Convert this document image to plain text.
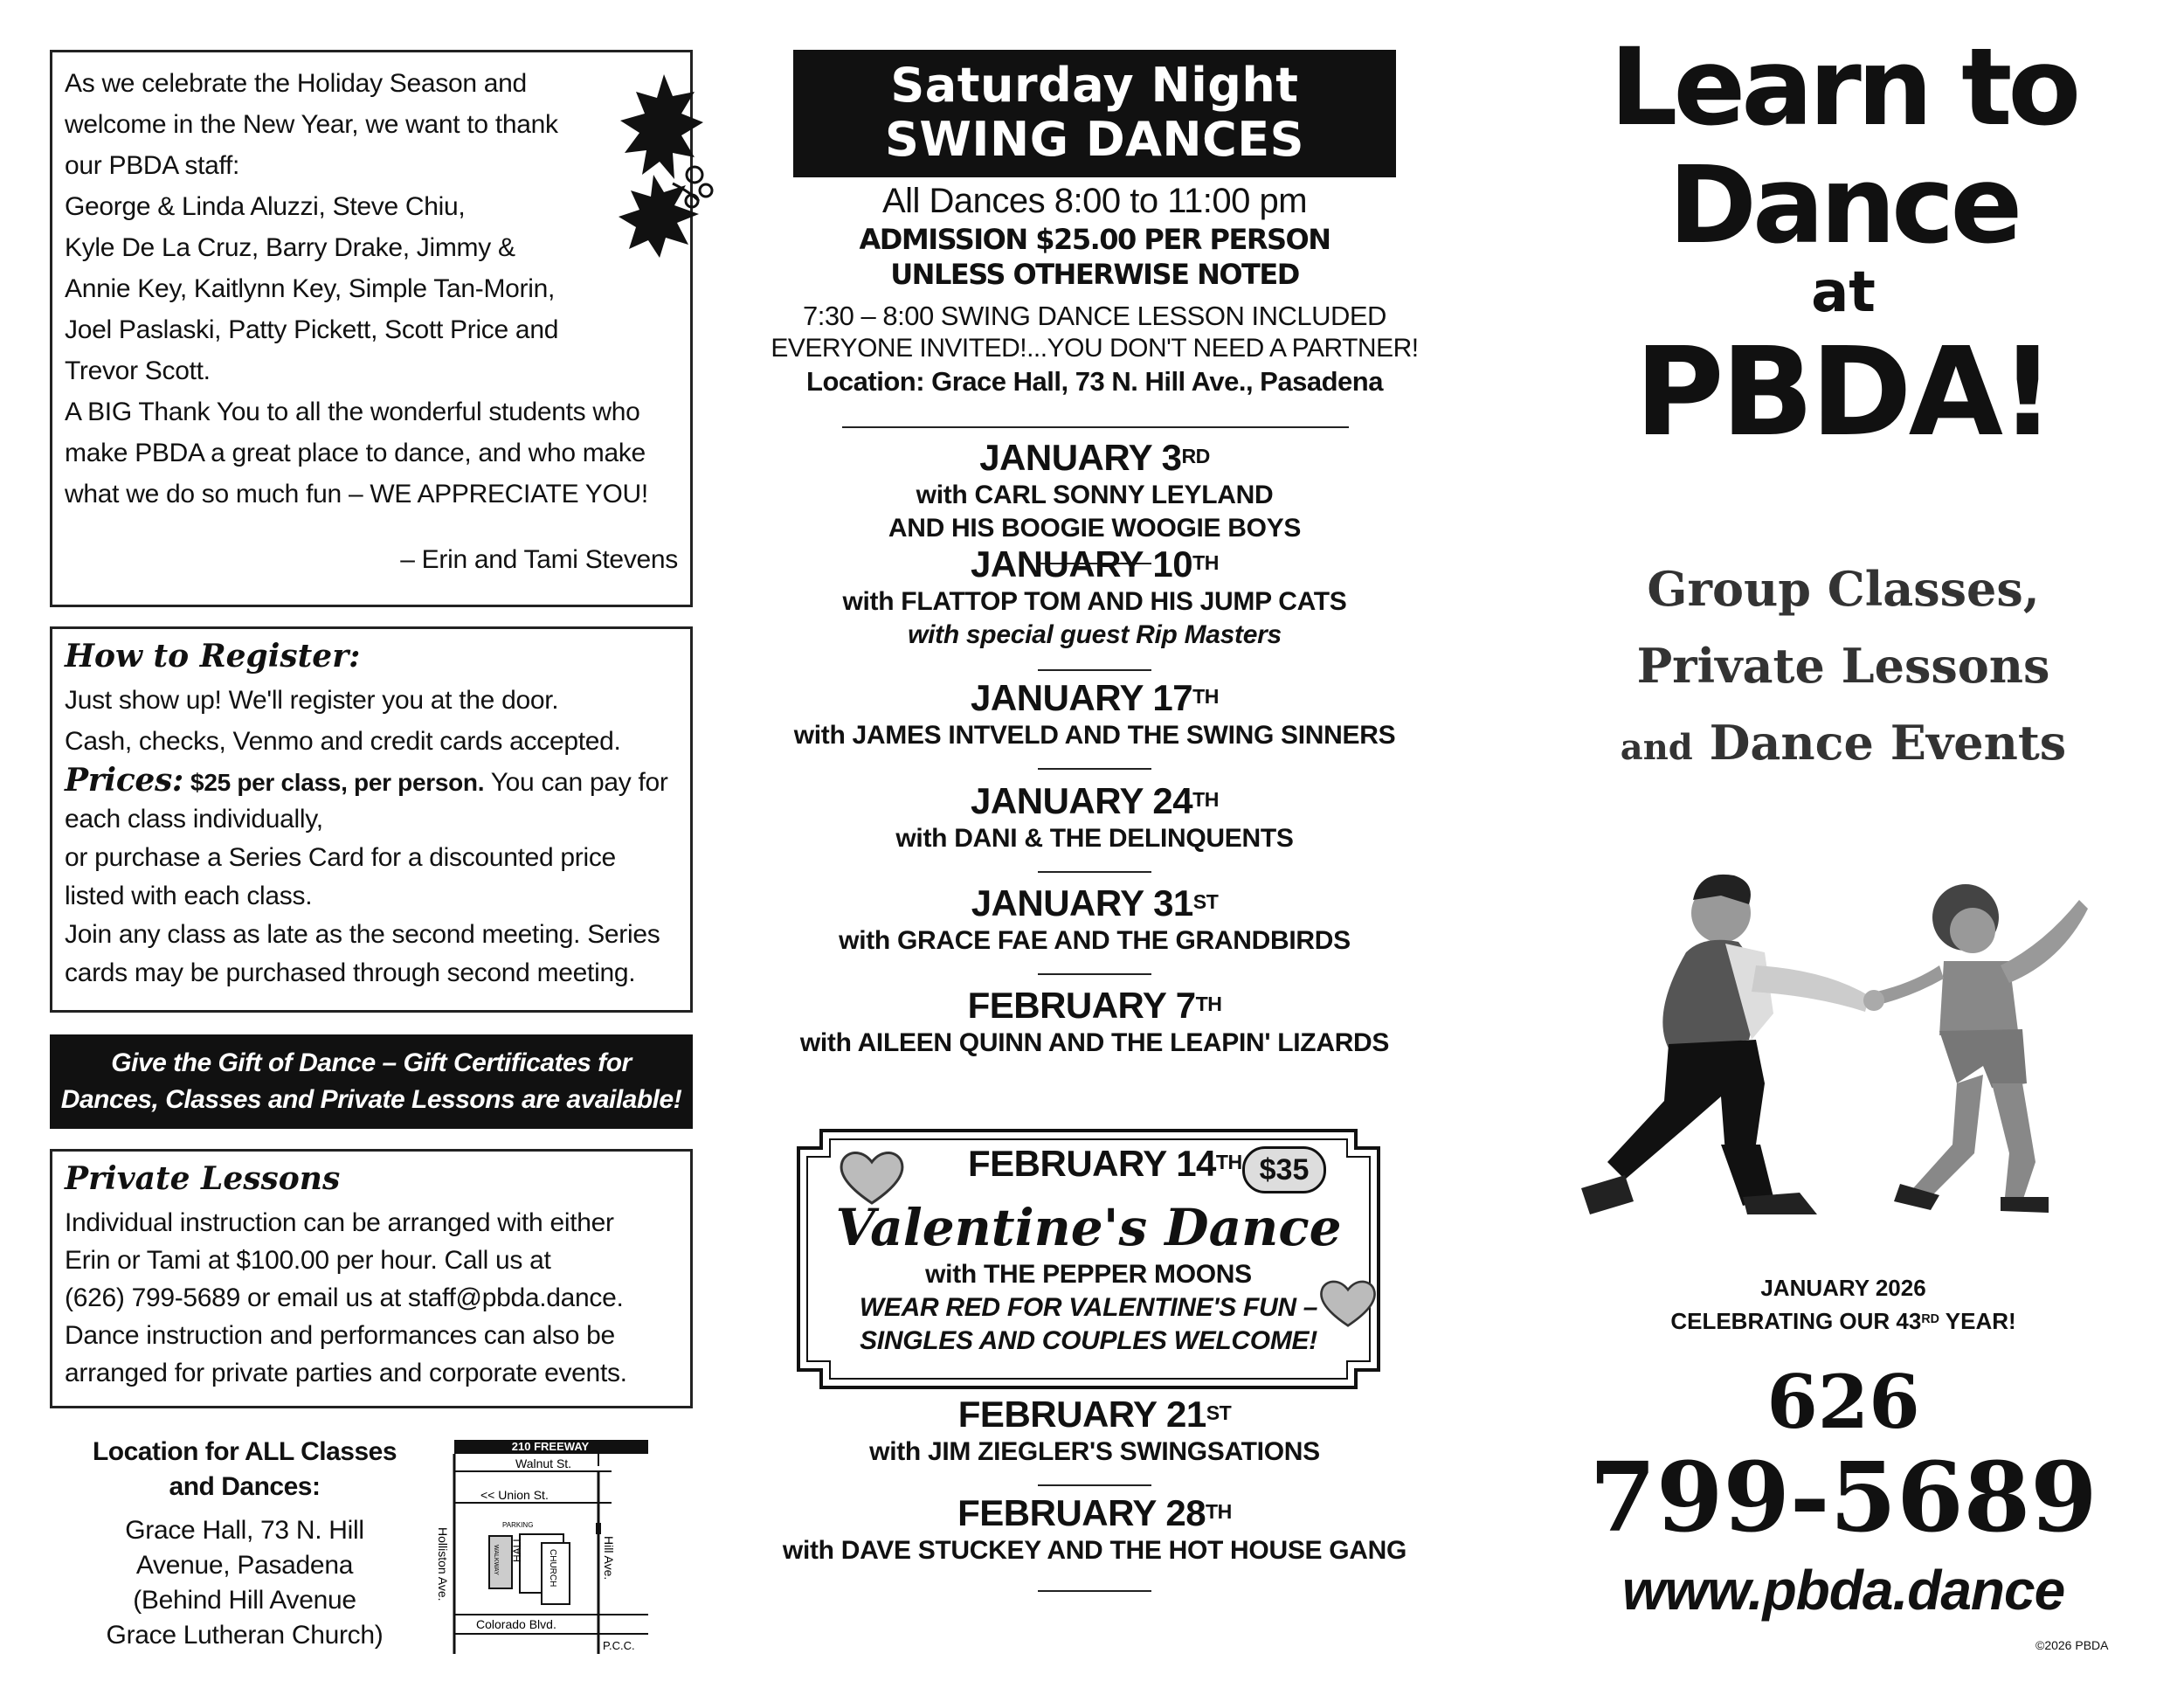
As we celebrate the Holiday Season and
welcome in the New Year, we want to thank
our PBDA staff:
George & Linda Aluzzi, Steve Chiu,
Kyle De La Cruz, Barry Drake, Jimmy &
Annie Key, Kaitlynn Key, Simple Tan-Morin,
Joel Paslaski, Patty Pickett, Scott Price and
Trevor Scott.
A BIG Thank You to all the wonderful students who
make PBDA a great place to dance, and who make
what we do so much fun – WE APPRECIATE YOU!
– Erin and Tami Stevens
How to Register:
Just show up! We'll register you at the door.
Cash, checks, Venmo and credit cards accepted.
Prices: $25 per class, per person. You can pay for
each class individually,
or purchase a Series Card for a discounted price
listed with each class.
Join any class as late as the second meeting. Series
cards may be purchased through second meeting.
Give the Gift of Dance – Gift Certificates for
Dances, Classes and Private Lessons are available!
Private Lessons
Individual instruction can be arranged with either
Erin or Tami at $100.00 per hour. Call us at
(626) 799-5689 or email us at staff@pbda.dance.
Dance instruction and performances can also be
arranged for private parties and corporate events.
Location for ALL Classes
and Dances:
Grace Hall, 73 N. Hill
Avenue, Pasadena
(Behind Hill Avenue
Grace Lutheran Church)
210 FREEWAY
Walnut St.
<< Union St.
Colorado Blvd.
P.C.C.
Holliston Ave.	Hill Ave.
PARKING
WALKWAY HALL
CHURCH
Saturday Night
SWING DANCES
All Dances 8:00 to 11:00 pm
ADMISSION $25.00 PER PERSON
UNLESS OTHERWISE NOTED
7:30 – 8:00 SWING DANCE LESSON INCLUDED
EVERYONE INVITED!...YOU DON'T NEED A PARTNER!
Location: Grace Hall, 73 N. Hill Ave., Pasadena
JANUARY 3RD
with CARL SONNY LEYLAND
AND HIS BOOGIE WOOGIE BOYS
JANUARY 10TH
with FLATTOP TOM AND HIS JUMP CATS
with special guest Rip Masters
JANUARY 17TH
with JAMES INTVELD AND THE SWING SINNERS
JANUARY 24TH
with DANI & THE DELINQUENTS
JANUARY 31ST
with GRACE FAE AND THE GRANDBIRDS
FEBRUARY 7TH
with AILEEN QUINN AND THE LEAPIN' LIZARDS
FEBRUARY 21ST
with JIM ZIEGLER'S SWINGSATIONS
FEBRUARY 28TH
with DAVE STUCKEY AND THE HOT HOUSE GANG
FEBRUARY 14TH $35
Valentine's Dance
with THE PEPPER MOONS
WEAR RED FOR VALENTINE'S FUN –
SINGLES AND COUPLES WELCOME!
Learn to
Dance
at
PBDA!
Group Classes,
Private Lessons
and Dance Events
JANUARY 2026
CELEBRATING OUR 43RD YEAR!
626
799-5689
www.pbda.dance
©2026 PBDA
